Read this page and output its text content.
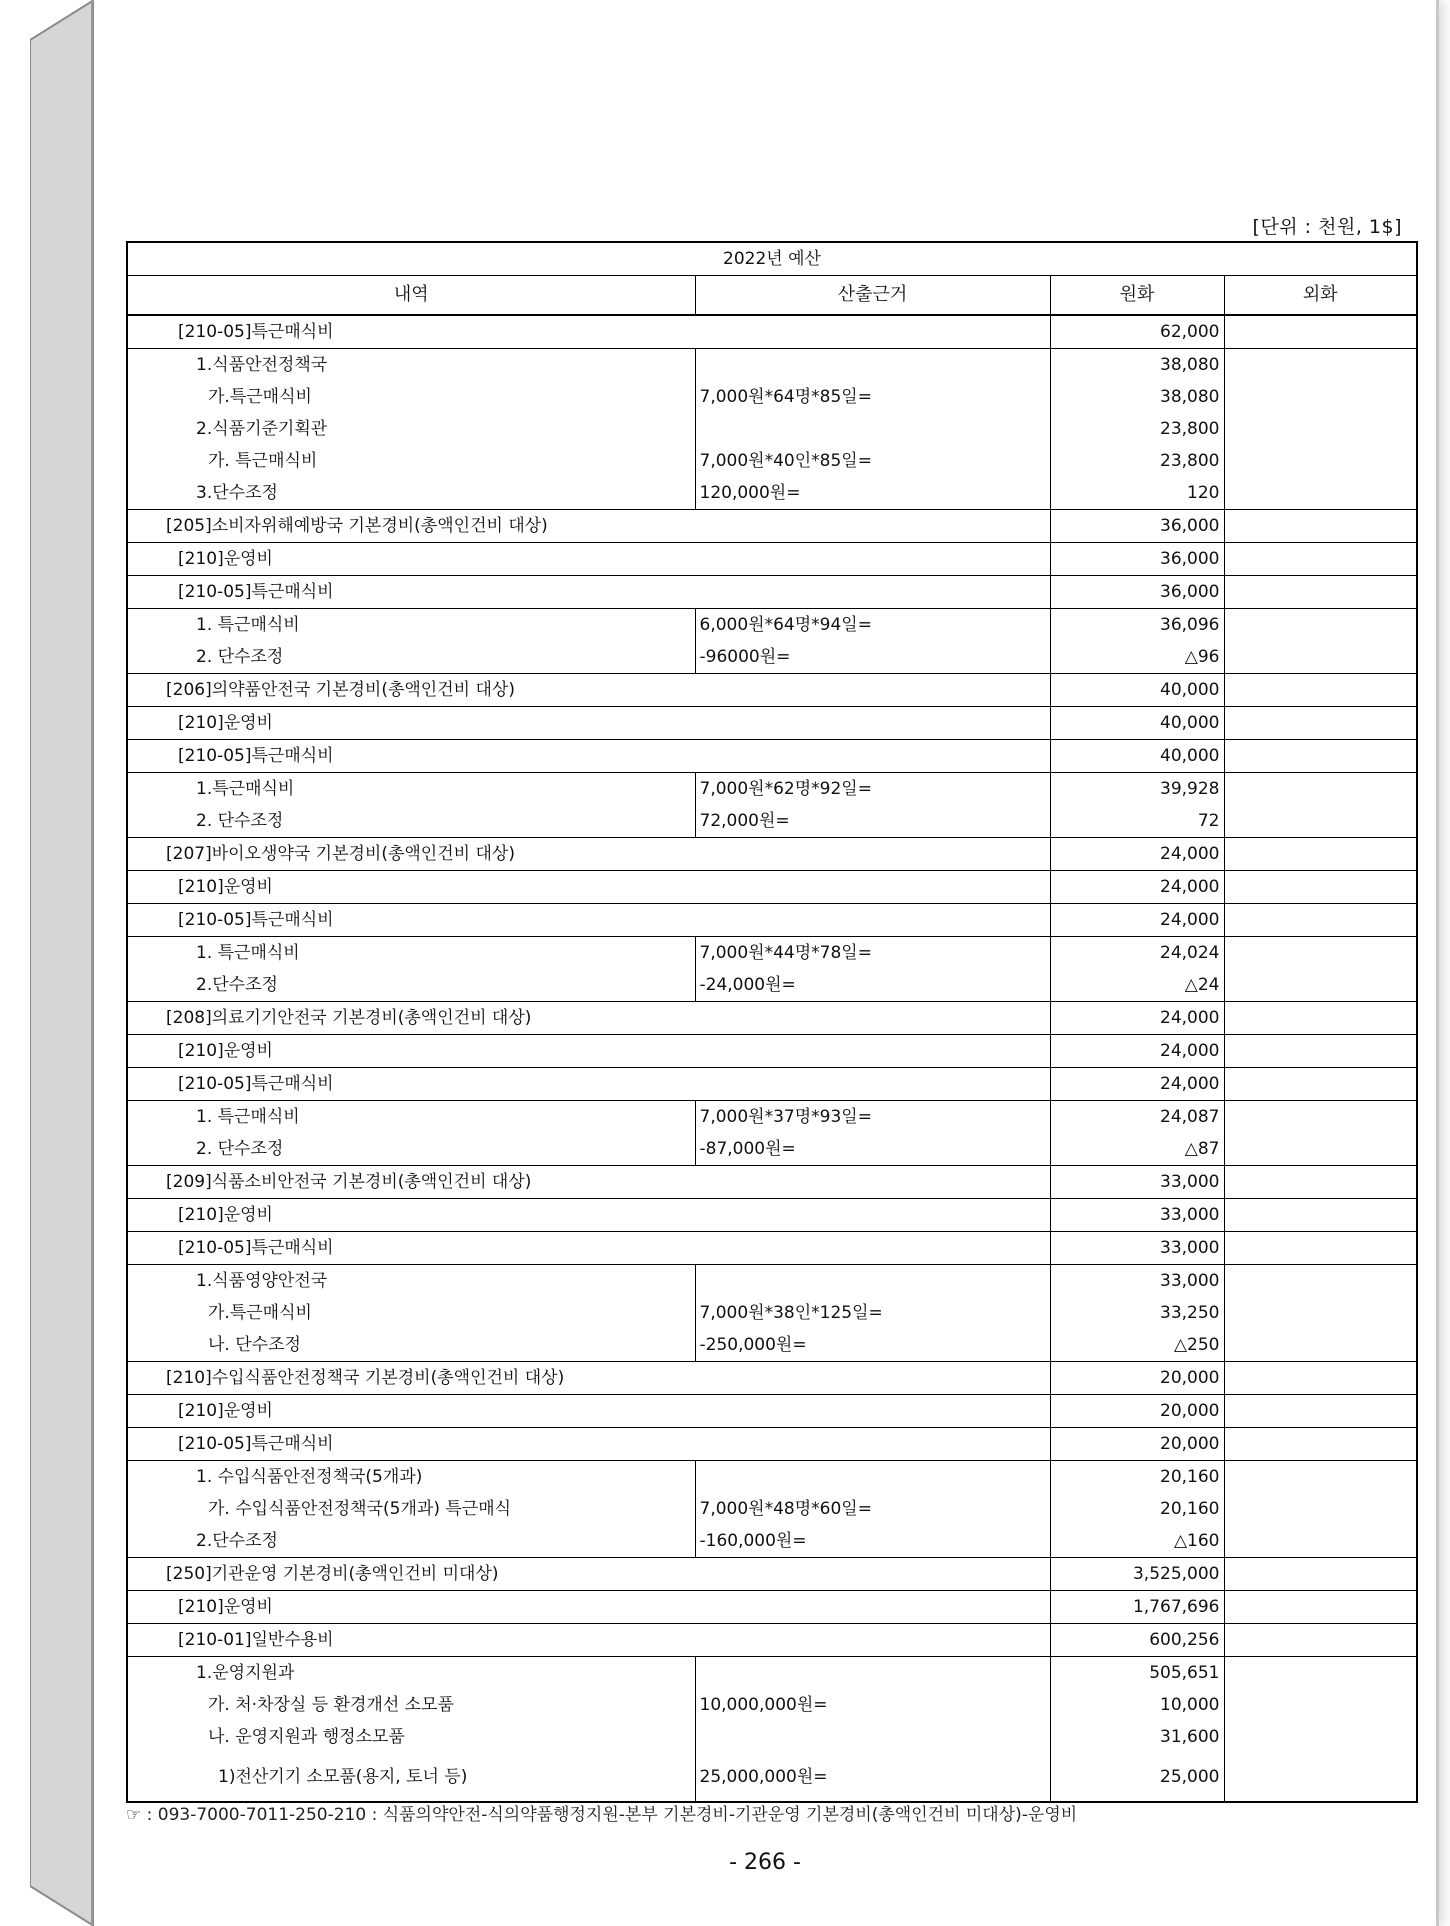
[단위 : 천원, 1$]
2022년 예산			
내역	산출근거	원화	외화
[210-05]특근매식비		62,000	
1.식품안전정책국		38,080	
가.특근매식비	7,000원*64명*85일=	38,080	
2.식품기준기획관		23,800	
가. 특근매식비	7,000원*40인*85일=	23,800	
3.단수조정	120,000원=	120	
[205]소비자위해예방국 기본경비(총액인건비 대상)		36,000	
[210]운영비		36,000	
[210-05]특근매식비		36,000	
1. 특근매식비	6,000원*64명*94일=	36,096	
2. 단수조정	-96000원=	△96	
[206]의약품안전국 기본경비(총액인건비 대상)		40,000	
[210]운영비		40,000	
[210-05]특근매식비		40,000	
1.특근매식비	7,000원*62명*92일=	39,928	
2. 단수조정	72,000원=	72	
[207]바이오생약국 기본경비(총액인건비 대상)		24,000	
[210]운영비		24,000	
[210-05]특근매식비		24,000	
1. 특근매식비	7,000원*44명*78일=	24,024	
2.단수조정	-24,000원=	△24	
[208]의료기기안전국 기본경비(총액인건비 대상)		24,000	
[210]운영비		24,000	
[210-05]특근매식비		24,000	
1. 특근매식비	7,000원*37명*93일=	24,087	
2. 단수조정	-87,000원=	△87	
[209]식품소비안전국 기본경비(총액인건비 대상)		33,000	
[210]운영비		33,000	
[210-05]특근매식비		33,000	
1.식품영양안전국		33,000	
가.특근매식비	7,000원*38인*125일=	33,250	
나. 단수조정	-250,000원=	△250	
[210]수입식품안전정책국 기본경비(총액인건비 대상)		20,000	
[210]운영비		20,000	
[210-05]특근매식비		20,000	
1. 수입식품안전정책국(5개과)		20,160	
가. 수입식품안전정책국(5개과) 특근매식	7,000원*48명*60일=	20,160	
2.단수조정	-160,000원=	△160	
[250]기관운영 기본경비(총액인건비 미대상)		3,525,000	
[210]운영비		1,767,696	
[210-01]일반수용비		600,256	
1.운영지원과		505,651	
가. 처·차장실 등 환경개선 소모품	10,000,000원=	10,000	
나. 운영지원과 행정소모품		31,600	
1)전산기기 소모품(용지, 토너 등)	25,000,000원=	25,000	
☞ : 093-7000-7011-250-210 : 식품의약안전-식의약품행정지원-본부 기본경비-기관운영 기본경비(총액인건비 미대상)-운영비
- 266 -
